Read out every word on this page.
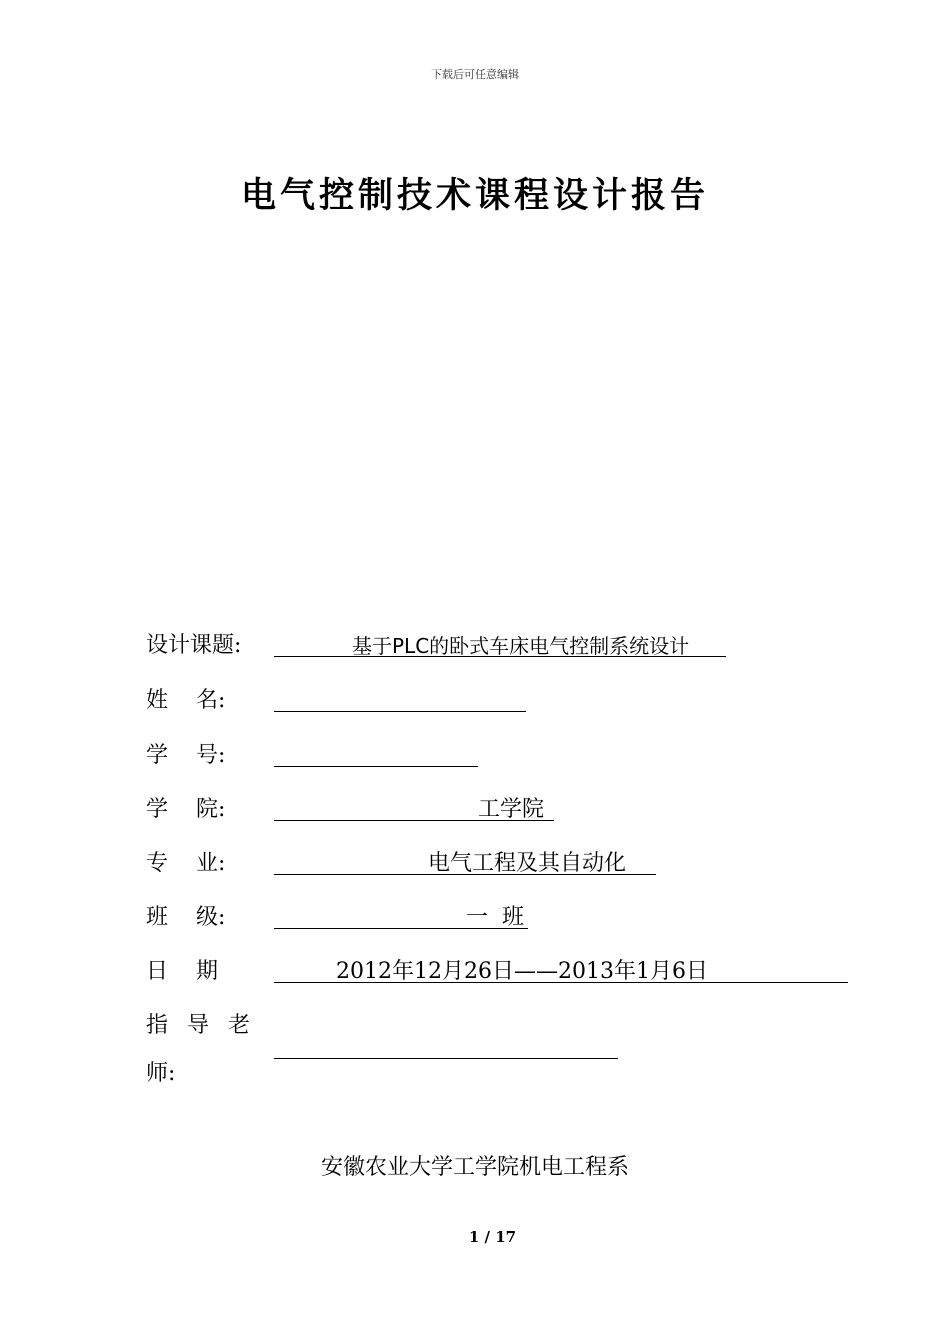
下载后可任意编辑
电气控制技术课程设计报告
设计课题:	基于PLC的卧式车床电气控制系统设计
姓    名:
学    号:
学    院:	工学院
专    业:	电气工程及其自动化
班    级:	一  班
日    期	2012年12月26日——2013年1月6日
指 导 老
师:
安徽农业大学工学院机电工程系
1 / 17
